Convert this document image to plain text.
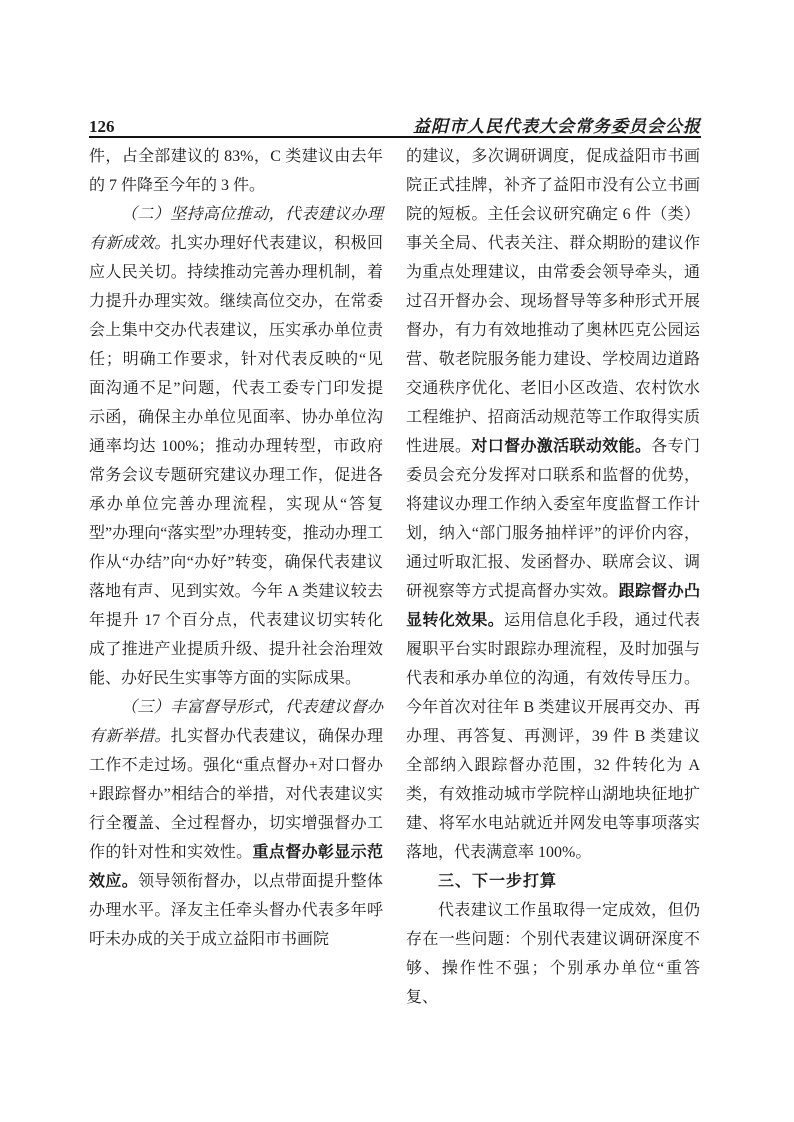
126	益阳市人民代表大会常务委员会公报

件，占全部建议的 83%，C 类建议由去年的 7 件降至今年的 3 件。

（二）坚持高位推动，代表建议办理有新成效。扎实办理好代表建议，积极回应人民关切。持续推动完善办理机制，着力提升办理实效。继续高位交办，在常委会上集中交办代表建议，压实承办单位责任；明确工作要求，针对代表反映的“见面沟通不足”问题，代表工委专门印发提示函，确保主办单位见面率、协办单位沟通率均达 100%；推动办理转型，市政府常务会议专题研究建议办理工作，促进各承办单位完善办理流程，实现从“答复型”办理向“落实型”办理转变，推动办理工作从“办结”向“办好”转变，确保代表建议落地有声、见到实效。今年 A 类建议较去年提升 17 个百分点，代表建议切实转化成了推进产业提质升级、提升社会治理效能、办好民生实事等方面的实际成果。

（三）丰富督导形式，代表建议督办有新举措。扎实督办代表建议，确保办理工作不走过场。强化“重点督办+对口督办+跟踪督办”相结合的举措，对代表建议实行全覆盖、全过程督办，切实增强督办工作的针对性和实效性。重点督办彰显示范效应。领导领衔督办，以点带面提升整体办理水平。泽友主任牵头督办代表多年呼吁未办成的关于成立益阳市书画院

的建议，多次调研调度，促成益阳市书画院正式挂牌，补齐了益阳市没有公立书画院的短板。主任会议研究确定 6 件（类）事关全局、代表关注、群众期盼的建议作为重点处理建议，由常委会领导牵头，通过召开督办会、现场督导等多种形式开展督办，有力有效地推动了奥林匹克公园运营、敬老院服务能力建设、学校周边道路交通秩序优化、老旧小区改造、农村饮水工程维护、招商活动规范等工作取得实质性进展。对口督办激活联动效能。各专门委员会充分发挥对口联系和监督的优势，将建议办理工作纳入委室年度监督工作计划，纳入“部门服务抽样评”的评价内容，通过听取汇报、发函督办、联席会议、调研视察等方式提高督办实效。跟踪督办凸显转化效果。运用信息化手段，通过代表履职平台实时跟踪办理流程，及时加强与代表和承办单位的沟通，有效传导压力。今年首次对往年 B 类建议开展再交办、再办理、再答复、再测评，39 件 B 类建议全部纳入跟踪督办范围，32 件转化为 A 类，有效推动城市学院梓山湖地块征地扩建、将军水电站就近并网发电等事项落实落地，代表满意率 100%。

三、下一步打算

代表建议工作虽取得一定成效，但仍存在一些问题：个别代表建议调研深度不够、操作性不强；个别承办单位“重答复、
